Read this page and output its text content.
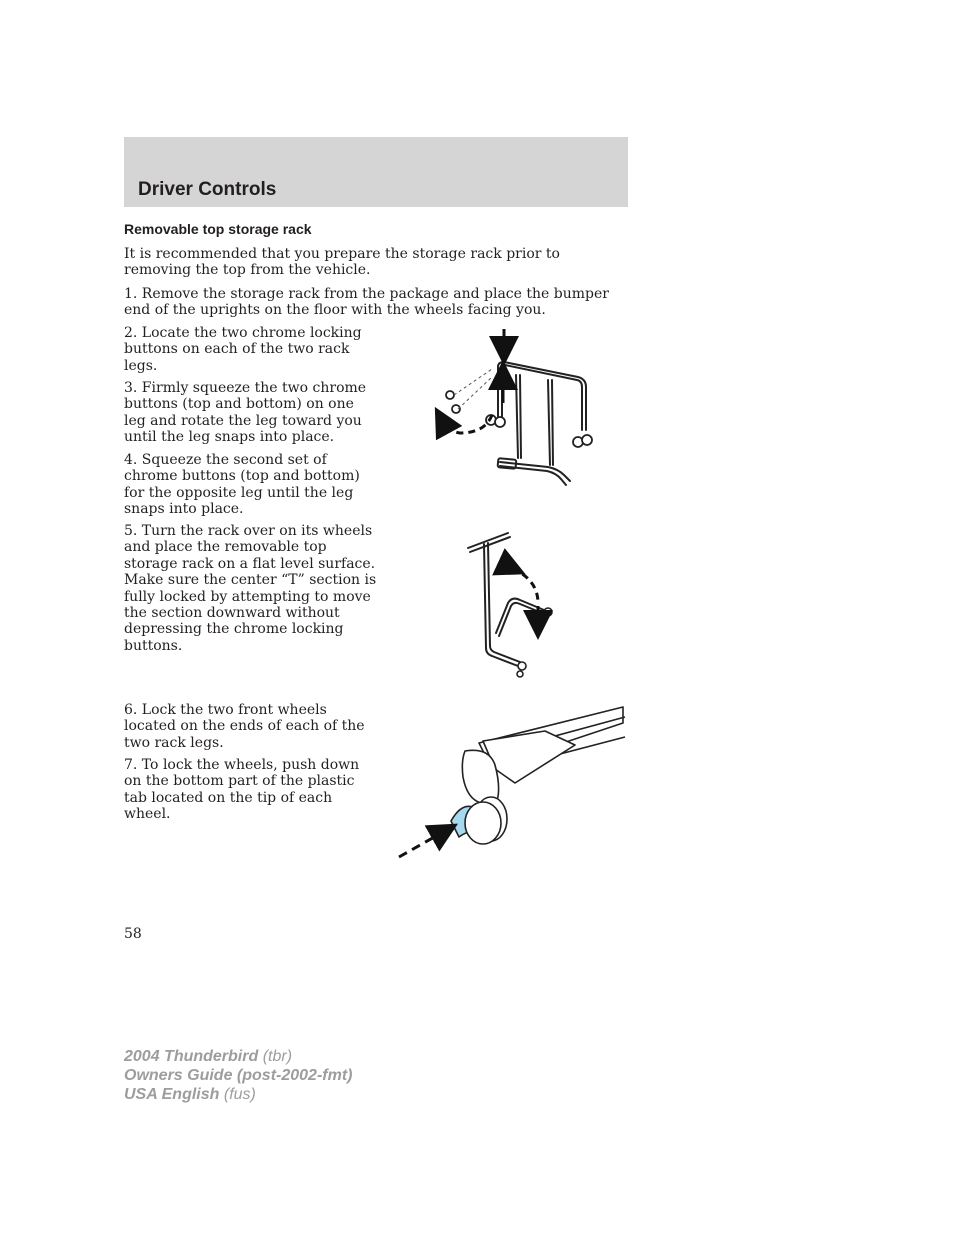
Driver Controls
Removable top storage rack

It is recommended that you prepare the storage rack prior to removing the top from the vehicle.

1. Remove the storage rack from the package and place the bumper end of the uprights on the floor with the wheels facing you.

2. Locate the two chrome locking buttons on each of the two rack legs.

3. Firmly squeeze the two chrome buttons (top and bottom) on one leg and rotate the leg toward you until the leg snaps into place.

4. Squeeze the second set of chrome buttons (top and bottom) for the opposite leg until the leg snaps into place.

5. Turn the rack over on its wheels and place the removable top storage rack on a flat level surface. Make sure the center “T” section is fully locked by attempting to move the section downward without depressing the chrome locking buttons.

6. Lock the two front wheels located on the ends of each of the two rack legs.

7. To lock the wheels, push down on the bottom part of the plastic tab located on the tip of each wheel.

58

2004 Thunderbird (tbr)
Owners Guide (post-2002-fmt)
USA English (fus)
